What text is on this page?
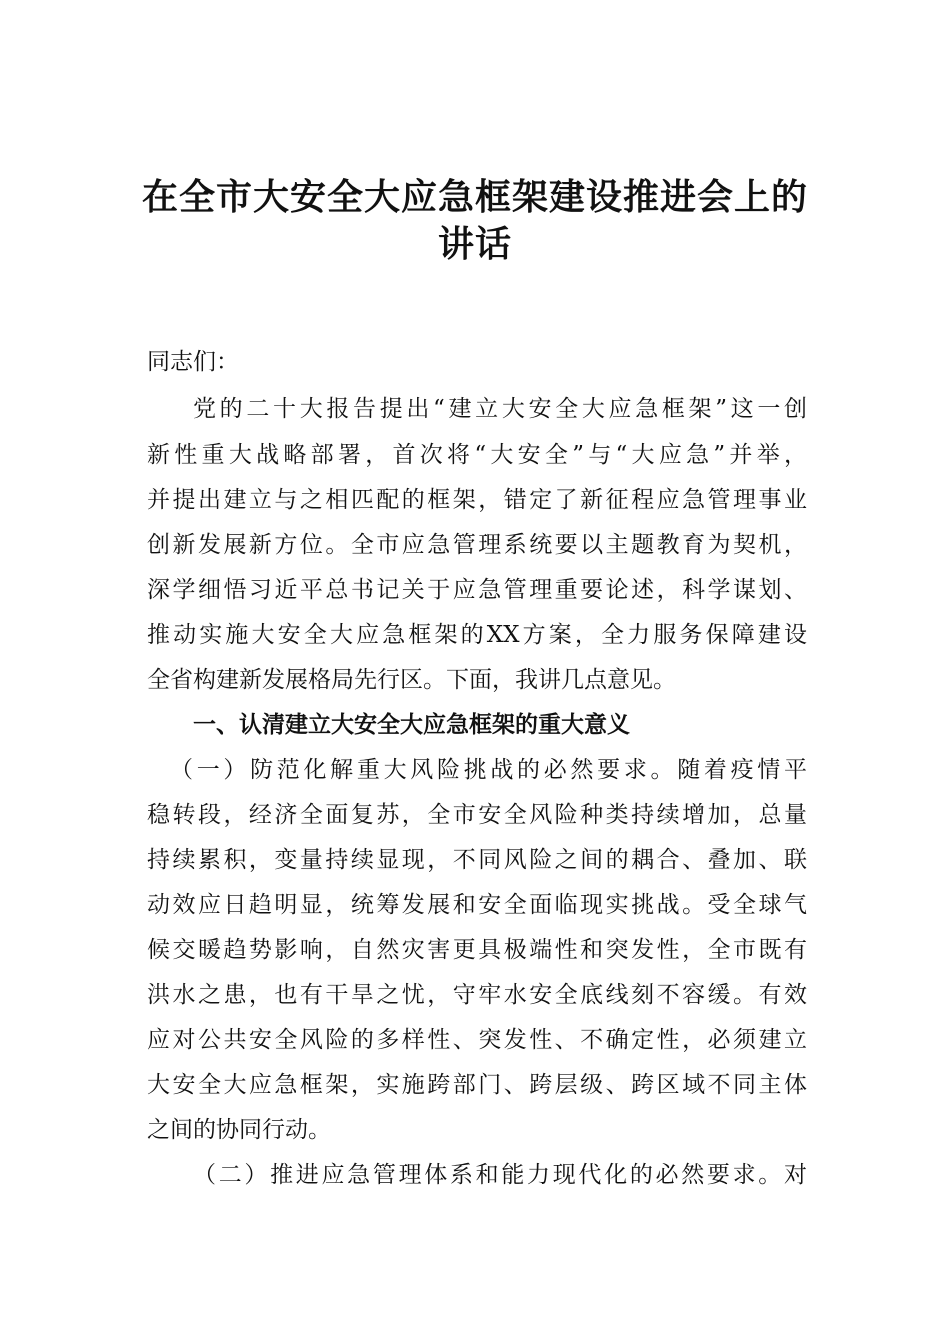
在全市大安全大应急框架建设推进会上的
讲话
同志们：
党的二十大报告提出“建立大安全大应急框架”这一创
新性重大战略部署，首次将“大安全”与“大应急”并举，
并提出建立与之相匹配的框架，错定了新征程应急管理事业
创新发展新方位。全市应急管理系统要以主题教育为契机，
深学细悟习近平总书记关于应急管理重要论述，科学谋划、
推动实施大安全大应急框架的XX方案，全力服务保障建设
全省构建新发展格局先行区。下面，我讲几点意见。
一、认清建立大安全大应急框架的重大意义
（一）防范化解重大风险挑战的必然要求。随着疫情平
稳转段，经济全面复苏，全市安全风险种类持续增加，总量
持续累积，变量持续显现，不同风险之间的耦合、叠加、联
动效应日趋明显，统筹发展和安全面临现实挑战。受全球气
候交暖趋势影响，自然灾害更具极端性和突发性，全市既有
洪水之患，也有干旱之忧，守牢水安全底线刻不容缓。有效
应对公共安全风险的多样性、突发性、不确定性，必须建立
大安全大应急框架，实施跨部门、跨层级、跨区域不同主体
之间的协同行动。
（二）推进应急管理体系和能力现代化的必然要求。对
